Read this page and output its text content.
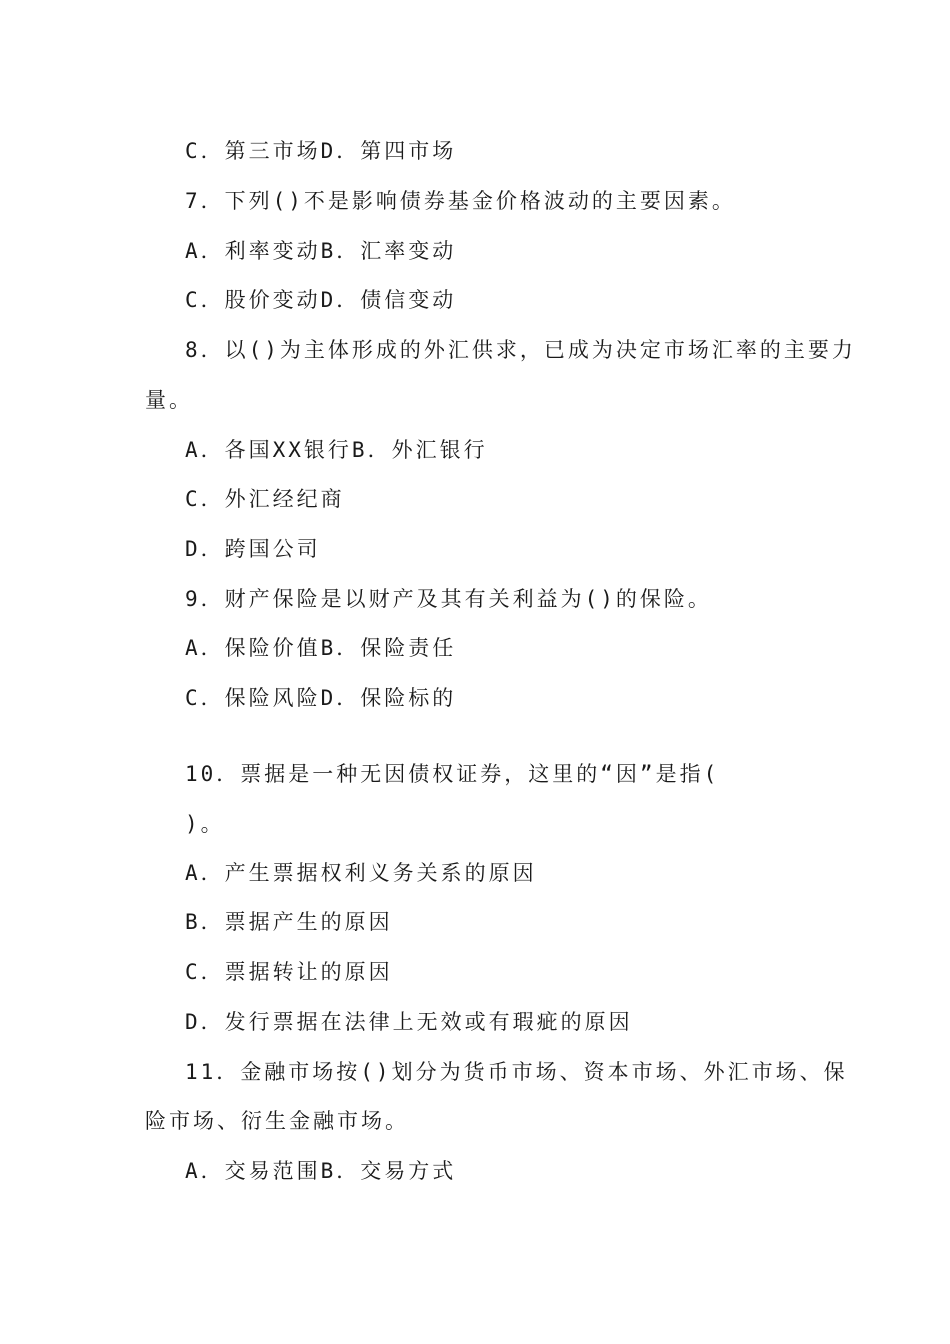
C．第三市场D．第四市场
7．下列()不是影响债券基金价格波动的主要因素。
A．利率变动B．汇率变动
C．股价变动D．债信变动
8．以()为主体形成的外汇供求，已成为决定市场汇率的主要力
量。
A．各国XX银行B．外汇银行
C．外汇经纪商
D．跨国公司
9．财产保险是以财产及其有关利益为()的保险。
A．保险价值B．保险责任
C．保险风险D．保险标的
10．票据是一种无因债权证券，这里的“因”是指(
)。
A．产生票据权利义务关系的原因
B．票据产生的原因
C．票据转让的原因
D．发行票据在法律上无效或有瑕疵的原因
11．金融市场按()划分为货币市场、资本市场、外汇市场、保
险市场、衍生金融市场。
A．交易范围B．交易方式
